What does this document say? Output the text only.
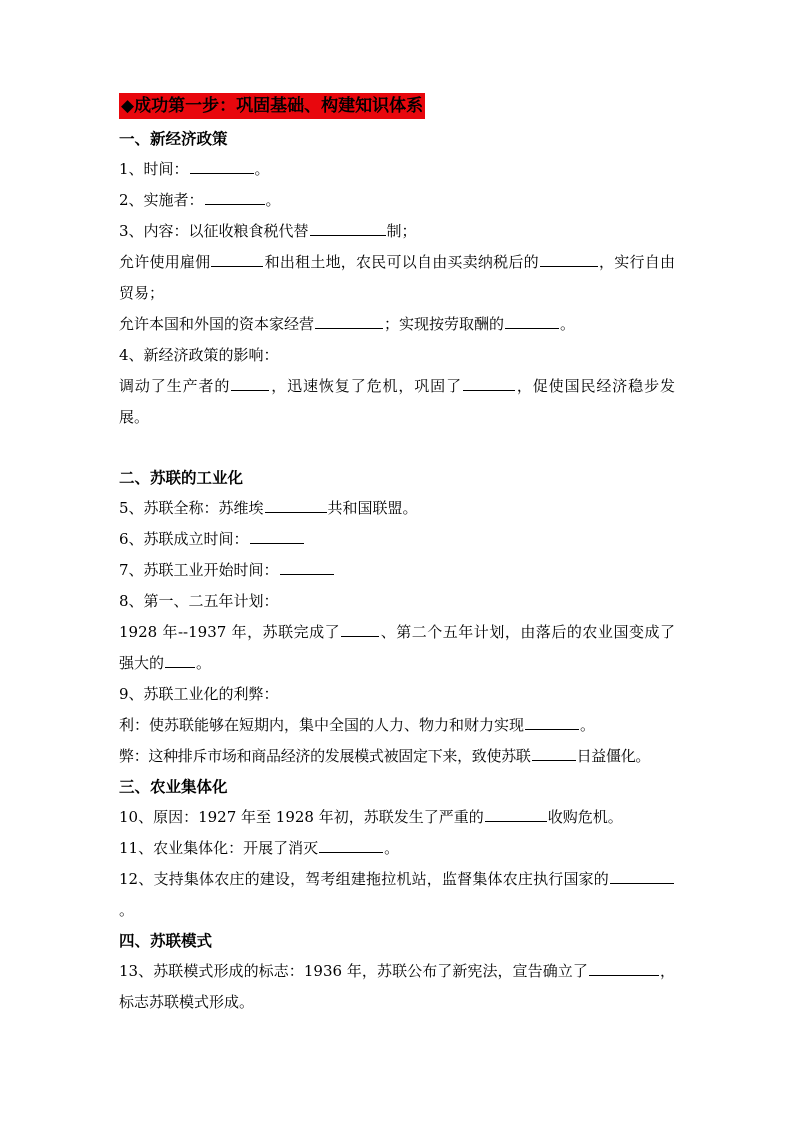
◆成功第一步：巩固基础、构建知识体系

一、新经济政策

1、时间：	。

2、实施者：	。

3、内容：以征收粮食税代替	制；

允许使用雇佣	和出租土地，农民可以自由买卖纳税后的	，实行自由贸易；

允许本国和外国的资本家经营	；实现按劳取酬的	。

4、新经济政策的影响：

调动了生产者的	，迅速恢复了危机，巩固了	，促使国民经济稳步发展。

二、苏联的工业化

5、苏联全称：苏维埃	共和国联盟。

6、苏联成立时间：

7、苏联工业开始时间：

8、第一、二五年计划：

1928 年--1937 年，苏联完成了	、第二个五年计划，由落后的农业国变成了强大的 。

9、苏联工业化的利弊：

利：使苏联能够在短期内，集中全国的人力、物力和财力实现	。

弊：这种排斥市场和商品经济的发展模式被固定下来，致使苏联	日益僵化。

三、农业集体化

10、原因：1927 年至 1928 年初，苏联发生了严重的	收购危机。

11、农业集体化：开展了消灭	。

12、支持集体农庄的建设，驾考组建拖拉机站，监督集体农庄执行国家的。

四、苏联模式

13、苏联模式形成的标志：1936 年，苏联公布了新宪法，宣告确立了	，标志苏联模式形成。
